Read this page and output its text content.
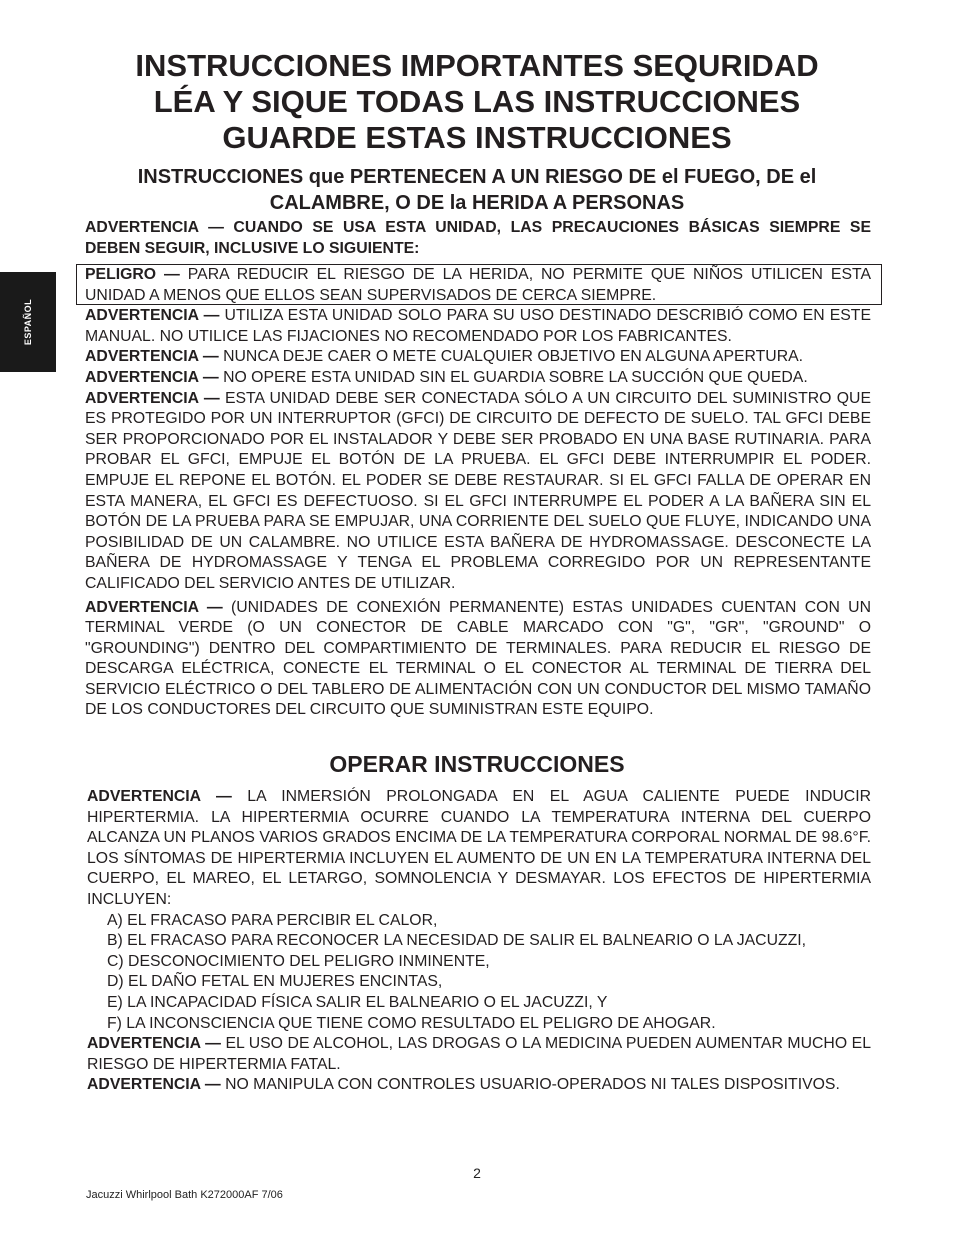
ESPAÑOL
INSTRUCCIONES IMPORTANTES SEQURIDAD
LÉA Y SIQUE TODAS LAS INSTRUCCIONES
GUARDE ESTAS INSTRUCCIONES
INSTRUCCIONES que PERTENECEN A UN RIESGO DE el FUEGO, DE el CALAMBRE, O DE la HERIDA A PERSONAS

ADVERTENCIA — CUANDO SE USA ESTA UNIDAD, LAS PRECAUCIONES BÁSICAS SIEMPRE SE DEBEN SEGUIR, INCLUSIVE LO SIGUIENTE:

PELIGRO — PARA REDUCIR EL RIESGO DE LA HERIDA, NO PERMITE QUE NIÑOS UTILICEN ESTA UNIDAD A MENOS QUE ELLOS SEAN SUPERVISADOS DE CERCA SIEMPRE.

ADVERTENCIA — UTILIZA ESTA UNIDAD SOLO PARA SU USO DESTINADO DESCRIBIÓ COMO EN ESTE MANUAL. NO UTILICE LAS FIJACIONES NO RECOMENDADO POR LOS FABRICANTES.

ADVERTENCIA — NUNCA DEJE CAER O METE CUALQUIER OBJETIVO EN ALGUNA APERTURA.

ADVERTENCIA — NO OPERE ESTA UNIDAD SIN EL GUARDIA SOBRE LA SUCCIÓN QUE QUEDA.

ADVERTENCIA — ESTA UNIDAD DEBE SER CONECTADA SÓLO A UN CIRCUITO DEL SUMINISTRO QUE ES PROTEGIDO POR UN INTERRUPTOR (GFCI) DE CIRCUITO DE DEFECTO DE SUELO. TAL GFCI DEBE SER PROPORCIONADO POR EL INSTALADOR Y DEBE SER PROBADO EN UNA BASE RUTINARIA. PARA PROBAR EL GFCI, EMPUJE EL BOTÓN DE LA PRUEBA. EL GFCI DEBE INTERRUMPIR EL PODER. EMPUJE EL REPONE EL BOTÓN. EL PODER SE DEBE RESTAURAR. SI EL GFCI FALLA DE OPERAR EN ESTA MANERA, EL GFCI ES DEFECTUOSO. SI EL GFCI INTERRUMPE EL PODER A LA BAÑERA SIN EL BOTÓN DE LA PRUEBA PARA SE EMPUJAR, UNA CORRIENTE DEL SUELO QUE FLUYE, INDICANDO UNA POSIBILIDAD DE UN CALAMBRE. NO UTILICE ESTA BAÑERA DE HYDROMASSAGE. DESCONECTE LA BAÑERA DE HYDROMASSAGE Y TENGA EL PROBLEMA CORREGIDO POR UN REPRESENTANTE CALIFICADO DEL SERVICIO ANTES DE UTILIZAR.

ADVERTENCIA — (UNIDADES DE CONEXIÓN PERMANENTE) ESTAS UNIDADES CUENTAN CON UN TERMINAL VERDE (O UN CONECTOR DE CABLE MARCADO CON "G", "GR", "GROUND" O "GROUNDING") DENTRO DEL COMPARTIMIENTO DE TERMINALES. PARA REDUCIR EL RIESGO DE DESCARGA ELÉCTRICA, CONECTE EL TERMINAL O EL CONECTOR AL TERMINAL DE TIERRA DEL SERVICIO ELÉCTRICO O DEL TABLERO DE ALIMENTACIÓN CON UN CONDUCTOR DEL MISMO TAMAÑO DE LOS CONDUCTORES DEL CIRCUITO QUE SUMINISTRAN ESTE EQUIPO.

OPERAR INSTRUCCIONES

ADVERTENCIA — LA INMERSIÓN PROLONGADA EN EL AGUA CALIENTE PUEDE INDUCIR HIPERTERMIA. LA HIPERTERMIA OCURRE CUANDO LA TEMPERATURA INTERNA DEL CUERPO ALCANZA UN PLANOS VARIOS GRADOS ENCIMA DE LA TEMPERATURA CORPORAL NORMAL DE 98.6°F. LOS SÍNTOMAS DE HIPERTERMIA INCLUYEN EL AUMENTO DE UN EN LA TEMPERATURA INTERNA DEL CUERPO, EL MAREO, EL LETARGO, SOMNOLENCIA Y DESMAYAR. LOS EFECTOS DE HIPERTERMIA INCLUYEN:

A) EL FRACASO PARA PERCIBIR EL CALOR,
B) EL FRACASO PARA RECONOCER LA NECESIDAD DE SALIR EL BALNEARIO O LA JACUZZI,
C) DESCONOCIMIENTO DEL PELIGRO INMINENTE,
D) EL DAÑO FETAL EN MUJERES ENCINTAS,
E) LA INCAPACIDAD FÍSICA SALIR EL BALNEARIO O EL JACUZZI, Y
F) LA INCONSCIENCIA QUE TIENE COMO RESULTADO EL PELIGRO DE AHOGAR.

ADVERTENCIA — EL USO DE ALCOHOL, LAS DROGAS O LA MEDICINA PUEDEN AUMENTAR MUCHO EL RIESGO DE HIPERTERMIA FATAL.

ADVERTENCIA — NO MANIPULA CON CONTROLES USUARIO-OPERADOS NI TALES DISPOSITIVOS.

2
Jacuzzi Whirlpool Bath K272000AF 7/06
